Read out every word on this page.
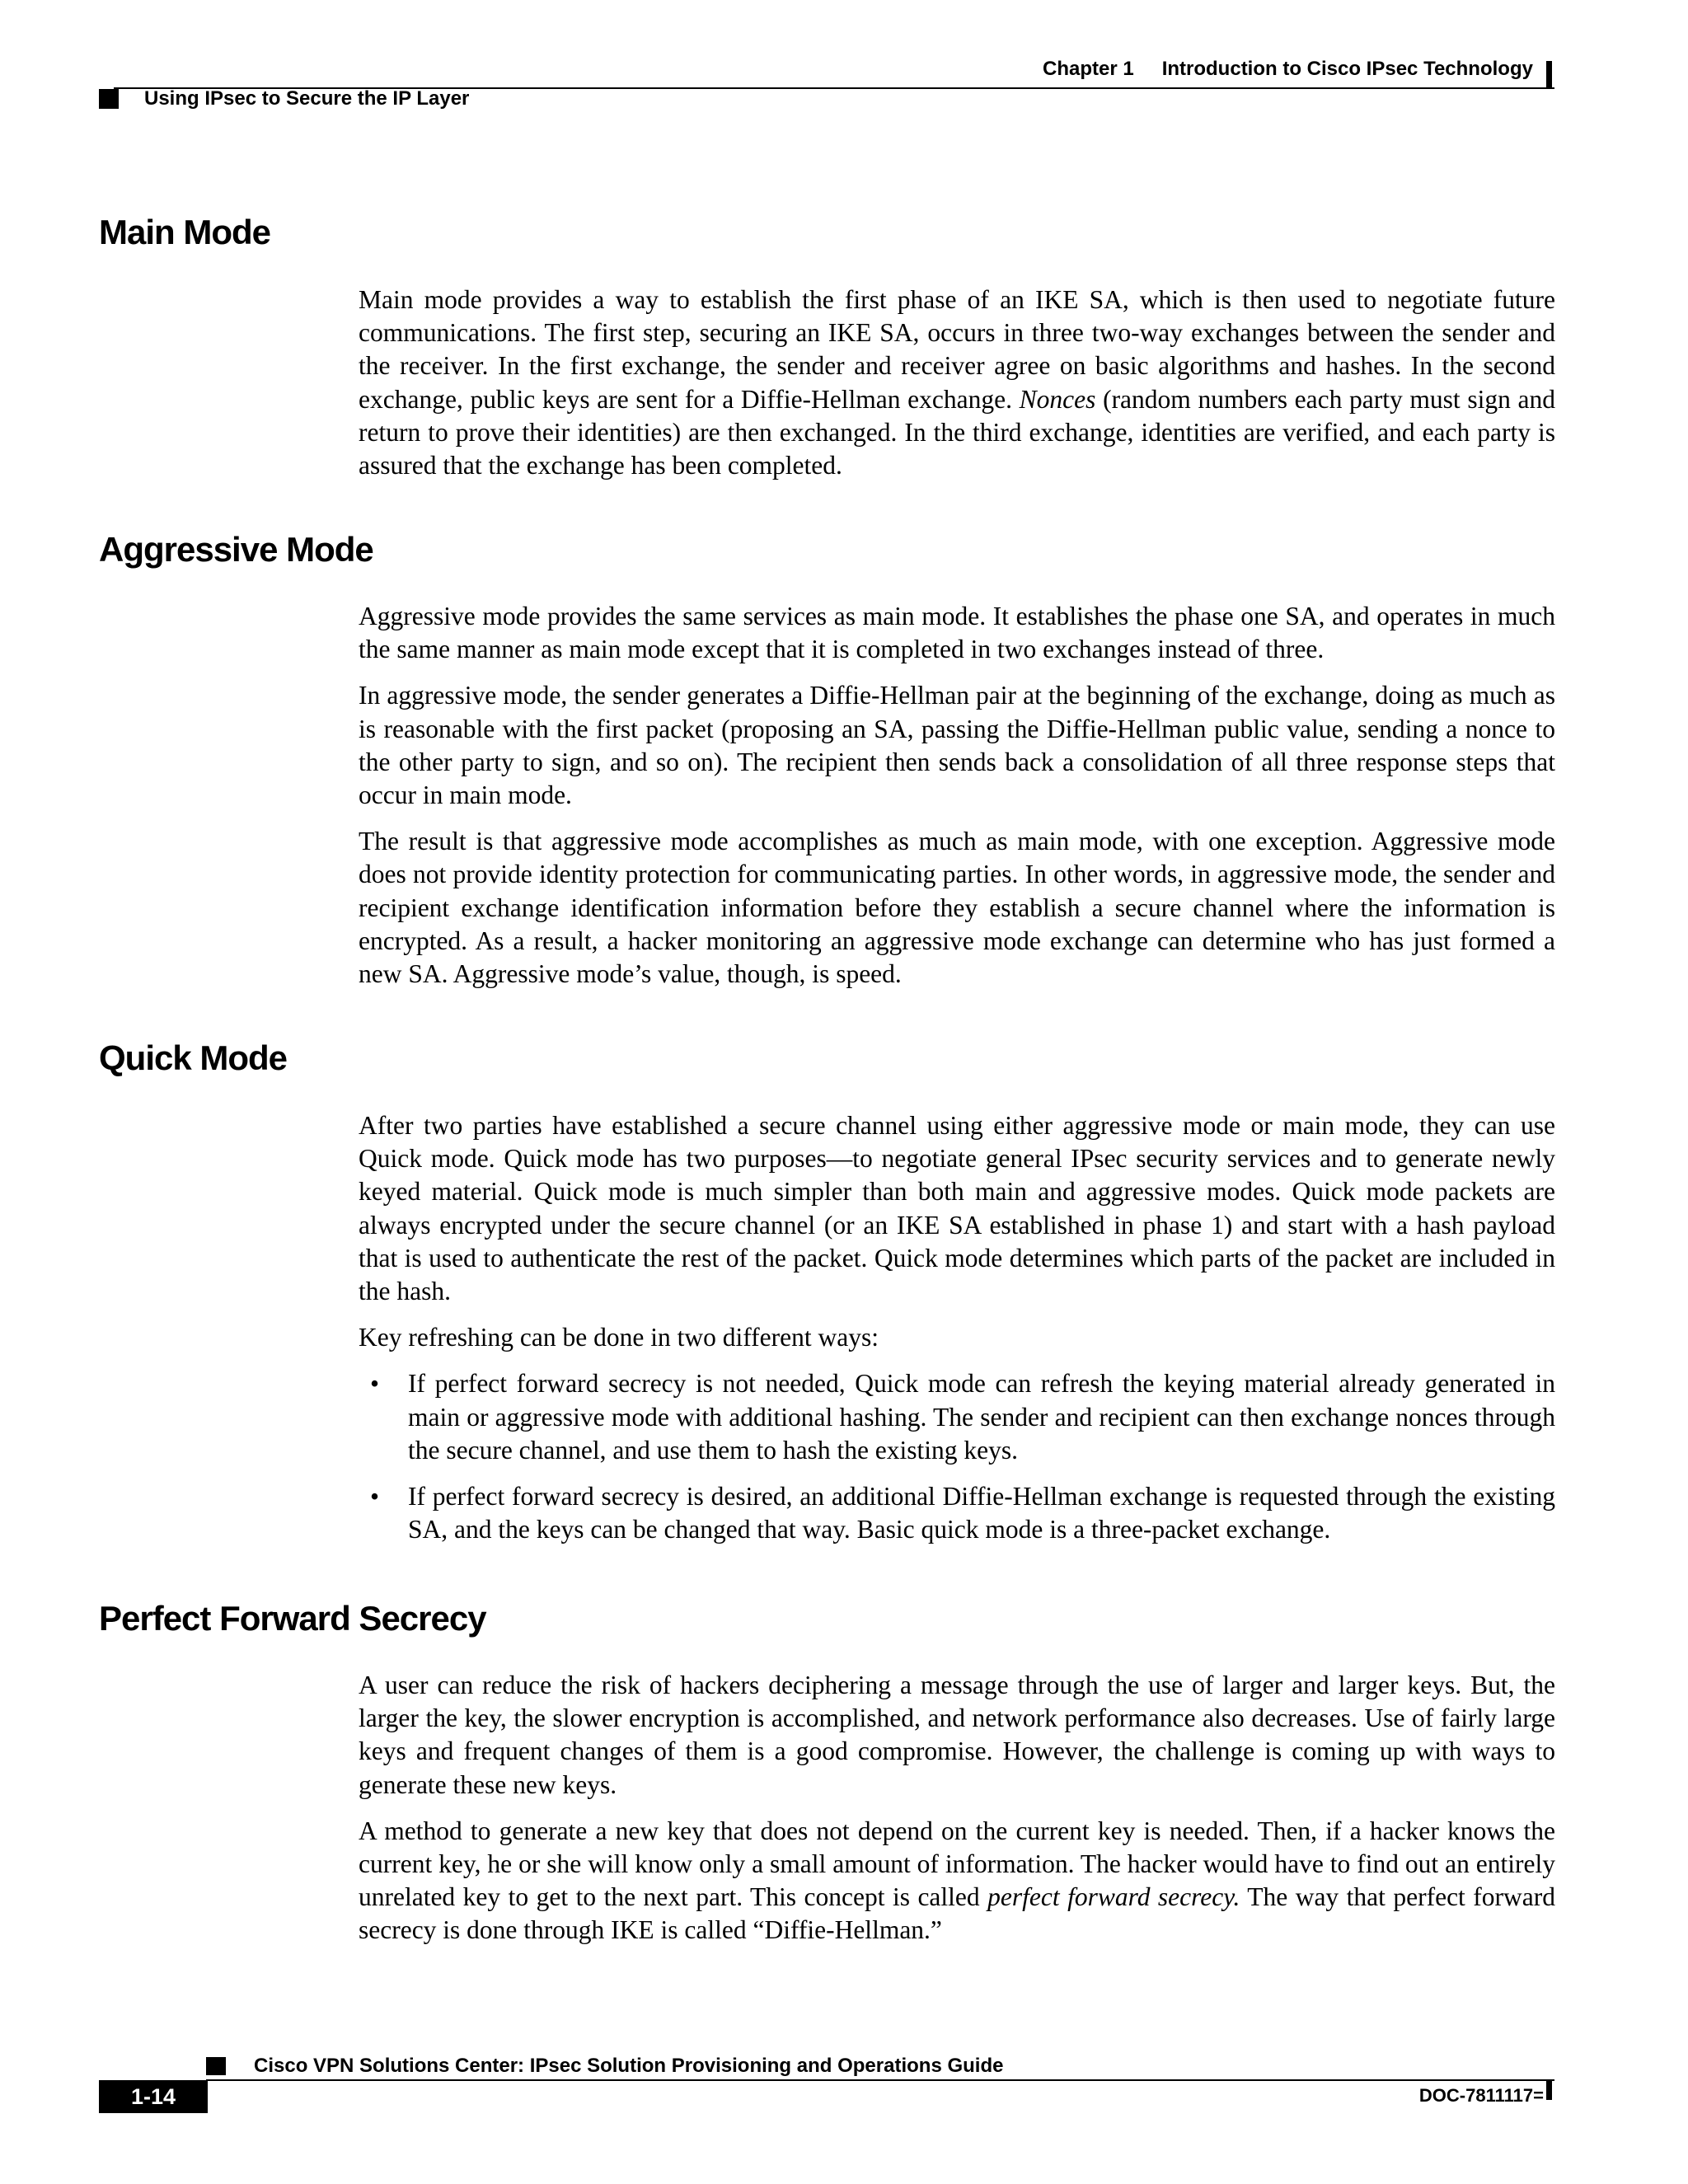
Chapter 1 Introduction to Cisco IPsec Technology
Using IPsec to Secure the IP Layer
Main Mode

Main mode provides a way to establish the first phase of an IKE SA, which is then used to negotiate future communications. The first step, securing an IKE SA, occurs in three two-way exchanges between the sender and the receiver. In the first exchange, the sender and receiver agree on basic algorithms and hashes. In the second exchange, public keys are sent for a Diffie-Hellman exchange. Nonces (random numbers each party must sign and return to prove their identities) are then exchanged. In the third exchange, identities are verified, and each party is assured that the exchange has been completed.

Aggressive Mode

Aggressive mode provides the same services as main mode. It establishes the phase one SA, and operates in much the same manner as main mode except that it is completed in two exchanges instead of three.

In aggressive mode, the sender generates a Diffie-Hellman pair at the beginning of the exchange, doing as much as is reasonable with the first packet (proposing an SA, passing the Diffie-Hellman public value, sending a nonce to the other party to sign, and so on). The recipient then sends back a consolidation of all three response steps that occur in main mode.

The result is that aggressive mode accomplishes as much as main mode, with one exception. Aggressive mode does not provide identity protection for communicating parties. In other words, in aggressive mode, the sender and recipient exchange identification information before they establish a secure channel where the information is encrypted. As a result, a hacker monitoring an aggressive mode exchange can determine who has just formed a new SA. Aggressive mode’s value, though, is speed.

Quick Mode

After two parties have established a secure channel using either aggressive mode or main mode, they can use Quick mode. Quick mode has two purposes—to negotiate general IPsec security services and to generate newly keyed material. Quick mode is much simpler than both main and aggressive modes. Quick mode packets are always encrypted under the secure channel (or an IKE SA established in phase 1) and start with a hash payload that is used to authenticate the rest of the packet. Quick mode determines which parts of the packet are included in the hash.

Key refreshing can be done in two different ways:

• If perfect forward secrecy is not needed, Quick mode can refresh the keying material already generated in main or aggressive mode with additional hashing. The sender and recipient can then exchange nonces through the secure channel, and use them to hash the existing keys.
• If perfect forward secrecy is desired, an additional Diffie-Hellman exchange is requested through the existing SA, and the keys can be changed that way. Basic quick mode is a three-packet exchange.
Perfect Forward Secrecy

A user can reduce the risk of hackers deciphering a message through the use of larger and larger keys. But, the larger the key, the slower encryption is accomplished, and network performance also decreases. Use of fairly large keys and frequent changes of them is a good compromise. However, the challenge is coming up with ways to generate these new keys.

A method to generate a new key that does not depend on the current key is needed. Then, if a hacker knows the current key, he or she will know only a small amount of information. The hacker would have to find out an entirely unrelated key to get to the next part. This concept is called perfect forward secrecy. The way that perfect forward secrecy is done through IKE is called “Diffie-Hellman.”

Cisco VPN Solutions Center: IPsec Solution Provisioning and Operations Guide
1-14	DOC-7811117=
